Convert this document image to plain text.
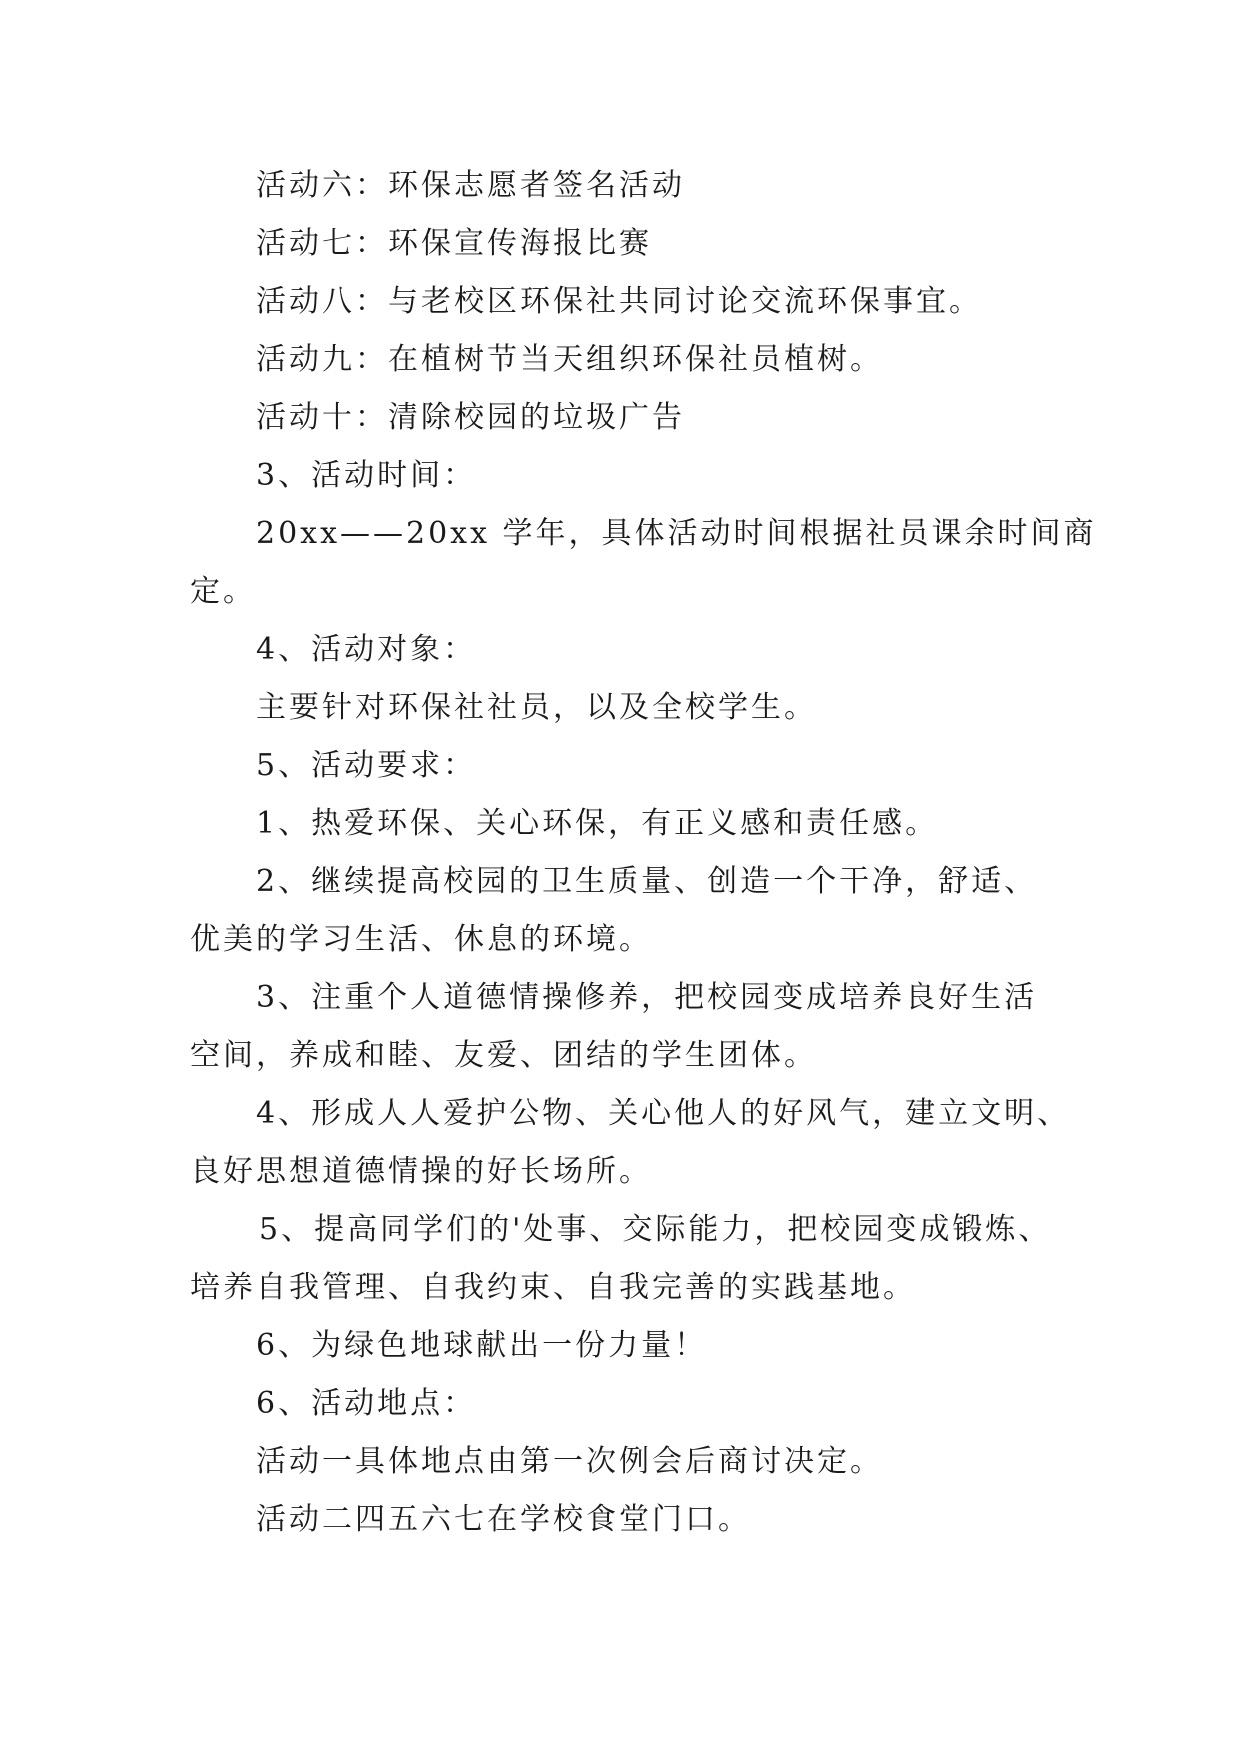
活动六：环保志愿者签名活动
活动七：环保宣传海报比赛
活动八：与老校区环保社共同讨论交流环保事宜。
活动九：在植树节当天组织环保社员植树。
活动十：清除校园的垃圾广告
3、活动时间：
20xx——20xx 学年，具体活动时间根据社员课余时间商
定。
4、活动对象：
主要针对环保社社员，以及全校学生。
5、活动要求：
1、热爱环保、关心环保，有正义感和责任感。
2、继续提高校园的卫生质量、创造一个干净，舒适、
优美的学习生活、休息的环境。
3、注重个人道德情操修养，把校园变成培养良好生活
空间，养成和睦、友爱、团结的学生团体。
4、形成人人爱护公物、关心他人的好风气，建立文明、
良好思想道德情操的好长场所。
5、提高同学们的'处事、交际能力，把校园变成锻炼、
培养自我管理、自我约束、自我完善的实践基地。
6、为绿色地球献出一份力量！
6、活动地点：
活动一具体地点由第一次例会后商讨决定。
活动二四五六七在学校食堂门口。
